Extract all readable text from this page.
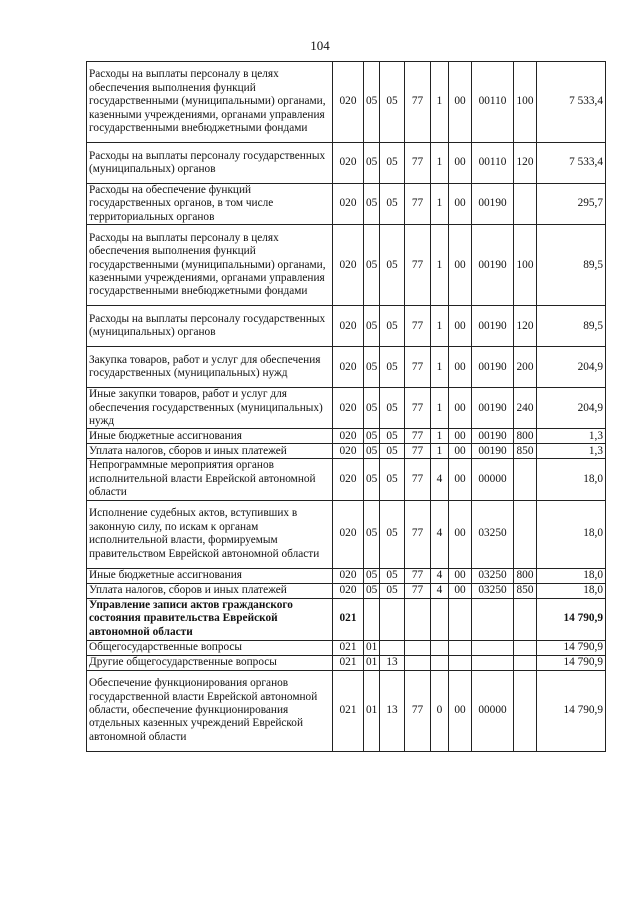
104
Расходы на выплаты персоналу в целях обеспечения выполнения функций государственными (муниципальными) органами, казенными учреждениями, органами управления государственными внебюджетными фондами	020	05	05	77	1	00	00110	100	7 533,4
Расходы на выплаты персоналу государственных (муниципальных) органов	020	05	05	77	1	00	00110	120	7 533,4
Расходы на обеспечение функций государственных органов, в том числе территориальных органов	020	05	05	77	1	00	00190		295,7
Расходы на выплаты персоналу в целях обеспечения выполнения функций государственными (муниципальными) органами, казенными учреждениями, органами управления государственными внебюджетными фондами	020	05	05	77	1	00	00190	100	89,5
Расходы на выплаты персоналу государственных (муниципальных) органов	020	05	05	77	1	00	00190	120	89,5
Закупка товаров, работ и услуг для обеспечения государственных (муниципальных) нужд	020	05	05	77	1	00	00190	200	204,9
Иные закупки товаров, работ и услуг для обеспечения государственных (муниципальных) нужд	020	05	05	77	1	00	00190	240	204,9
Иные бюджетные ассигнования	020	05	05	77	1	00	00190	800	1,3
Уплата налогов, сборов и иных платежей	020	05	05	77	1	00	00190	850	1,3
Непрограммные мероприятия органов исполнительной власти Еврейской автономной области	020	05	05	77	4	00	00000		18,0
Исполнение судебных актов, вступивших в законную силу, по искам к органам исполнительной власти, формируемым правительством Еврейской автономной области	020	05	05	77	4	00	03250		18,0
Иные бюджетные ассигнования	020	05	05	77	4	00	03250	800	18,0
Уплата налогов, сборов и иных платежей	020	05	05	77	4	00	03250	850	18,0
Управление записи актов гражданского состояния правительства Еврейской автономной области	021								14 790,9
Общегосударственные вопросы	021	01							14 790,9
Другие общегосударственные вопросы	021	01	13						14 790,9
Обеспечение функционирования органов государственной власти Еврейской автономной области, обеспечение функционирования отдельных казенных учреждений Еврейской автономной области	021	01	13	77	0	00	00000		14 790,9
